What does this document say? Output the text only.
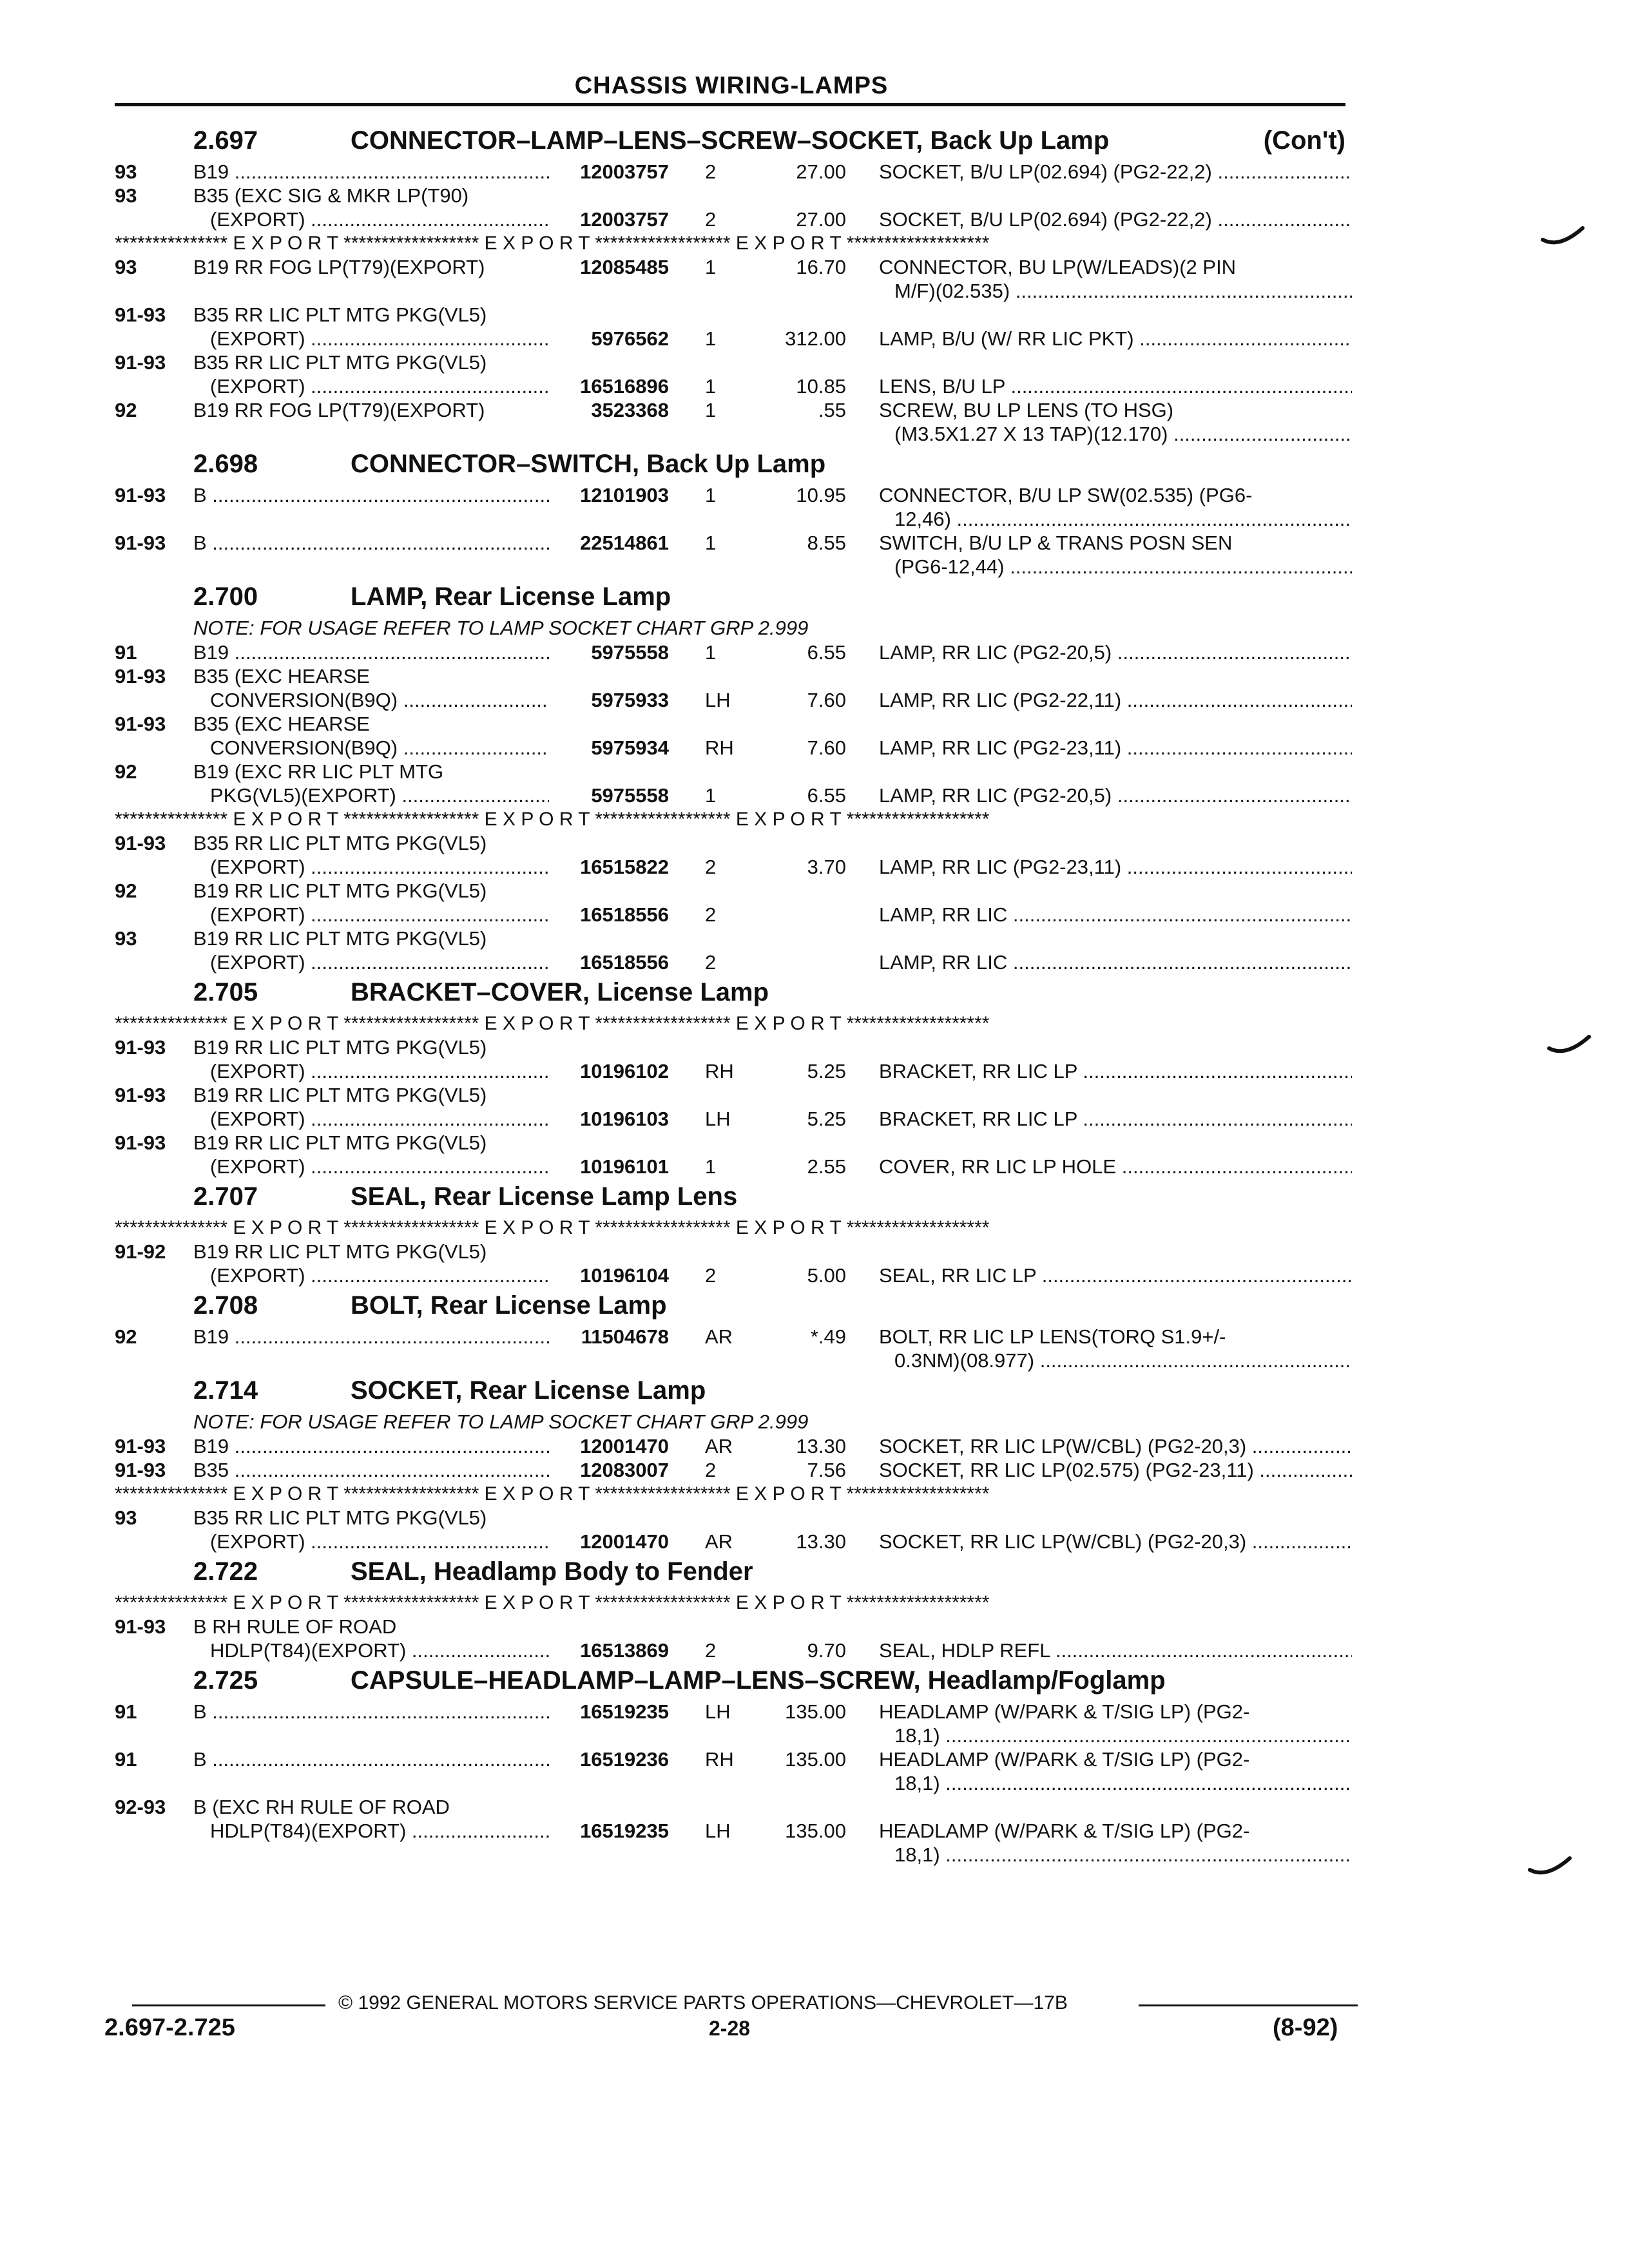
CHASSIS WIRING-LAMPS
2.697	CONNECTOR–LAMP–LENS–SCREW–SOCKET, Back Up Lamp	(Con't)
93	B19 .....	12003757 2	27.00 SOCKET, B/U LP(02.694) (PG2-22,2) .....
93	B35 (EXC SIG & MKR LP(T90)
(EXPORT) .....	12003757 2	27.00 SOCKET, B/U LP(02.694) (PG2-22,2) .....
*************** E X P O R T ****************** E X P O R T ****************** E X P O R T *******************
93	B19 RR FOG LP(T79)(EXPORT)	12085485 1	16.70 CONNECTOR, BU LP(W/LEADS)(2 PIN
M/F)(02.535) .....
91-93 B35 RR LIC PLT MTG PKG(VL5)
(EXPORT) .....	5976562 1	312.00 LAMP, B/U (W/ RR LIC PKT) .....
91-93 B35 RR LIC PLT MTG PKG(VL5)
(EXPORT) .....	16516896 1	10.85 LENS, B/U LP .....
92	B19 RR FOG LP(T79)(EXPORT)	3523368 1	.55 SCREW, BU LP LENS (TO HSG)
(M3.5X1.27 X 13 TAP)(12.170) .....
2.698	CONNECTOR–SWITCH, Back Up Lamp
91-93 B .....	12101903 1	10.95 CONNECTOR, B/U LP SW(02.535) (PG6-
12,46) .....
91-93 B .....	22514861 1	8.55 SWITCH, B/U LP & TRANS POSN SEN
(PG6-12,44) .....
2.700	LAMP, Rear License Lamp
NOTE: FOR USAGE REFER TO LAMP SOCKET CHART GRP 2.999
91	B19 .....	5975558 1	6.55 LAMP, RR LIC (PG2-20,5) .....
91-93 B35 (EXC HEARSE
CONVERSION(B9Q) .....	5975933 LH	7.60 LAMP, RR LIC (PG2-22,11) .....
91-93 B35 (EXC HEARSE
CONVERSION(B9Q) .....	5975934 RH	7.60 LAMP, RR LIC (PG2-23,11) .....
92	B19 (EXC RR LIC PLT MTG
PKG(VL5)(EXPORT) .....	5975558 1	6.55 LAMP, RR LIC (PG2-20,5) .....
*************** E X P O R T ****************** E X P O R T ****************** E X P O R T *******************
91-93 B35 RR LIC PLT MTG PKG(VL5)
(EXPORT) .....	16515822 2	3.70 LAMP, RR LIC (PG2-23,11) .....
92	B19 RR LIC PLT MTG PKG(VL5)
(EXPORT) .....	16518556 2	LAMP, RR LIC .....
93	B19 RR LIC PLT MTG PKG(VL5)
(EXPORT) .....	16518556 2	LAMP, RR LIC .....
2.705	BRACKET–COVER, License Lamp
*************** E X P O R T ****************** E X P O R T ****************** E X P O R T *******************
91-93 B19 RR LIC PLT MTG PKG(VL5)
(EXPORT) .....	10196102 RH	5.25 BRACKET, RR LIC LP .....
91-93 B19 RR LIC PLT MTG PKG(VL5)
(EXPORT) .....	10196103 LH	5.25 BRACKET, RR LIC LP .....
91-93 B19 RR LIC PLT MTG PKG(VL5)
(EXPORT) .....	10196101 1	2.55 COVER, RR LIC LP HOLE .....
2.707	SEAL, Rear License Lamp Lens
*************** E X P O R T ****************** E X P O R T ****************** E X P O R T *******************
91-92 B19 RR LIC PLT MTG PKG(VL5)
(EXPORT) .....	10196104 2	5.00 SEAL, RR LIC LP .....
2.708	BOLT, Rear License Lamp
92	B19 .....	11504678 AR	*.49 BOLT, RR LIC LP LENS(TORQ S1.9+/-
0.3NM)(08.977) .....
2.714	SOCKET, Rear License Lamp
NOTE: FOR USAGE REFER TO LAMP SOCKET CHART GRP 2.999
91-93 B19 .....	12001470 AR	13.30 SOCKET, RR LIC LP(W/CBL) (PG2-20,3) .....
91-93 B35 .....	12083007 2	7.56 SOCKET, RR LIC LP(02.575) (PG2-23,11) .....
*************** E X P O R T ****************** E X P O R T ****************** E X P O R T *******************
93	B35 RR LIC PLT MTG PKG(VL5)
(EXPORT) .....	12001470 AR	13.30 SOCKET, RR LIC LP(W/CBL) (PG2-20,3) .....
2.722	SEAL, Headlamp Body to Fender
*************** E X P O R T ****************** E X P O R T ****************** E X P O R T *******************
91-93 B RH RULE OF ROAD
HDLP(T84)(EXPORT) .....	16513869 2	9.70 SEAL, HDLP REFL .....
2.725	CAPSULE–HEADLAMP–LAMP–LENS–SCREW, Headlamp/Foglamp
91	B .....	16519235 LH	135.00 HEADLAMP (W/PARK & T/SIG LP) (PG2-
18,1) .....
91	B .....	16519236 RH	135.00 HEADLAMP (W/PARK & T/SIG LP) (PG2-
18,1) .....
92-93 B (EXC RH RULE OF ROAD
HDLP(T84)(EXPORT) .....	16519235 LH	135.00 HEADLAMP (W/PARK & T/SIG LP) (PG2-
18,1) .....
© 1992 GENERAL MOTORS SERVICE PARTS OPERATIONS—CHEVROLET—17B
2.697-2.725	2-28	(8-92)
